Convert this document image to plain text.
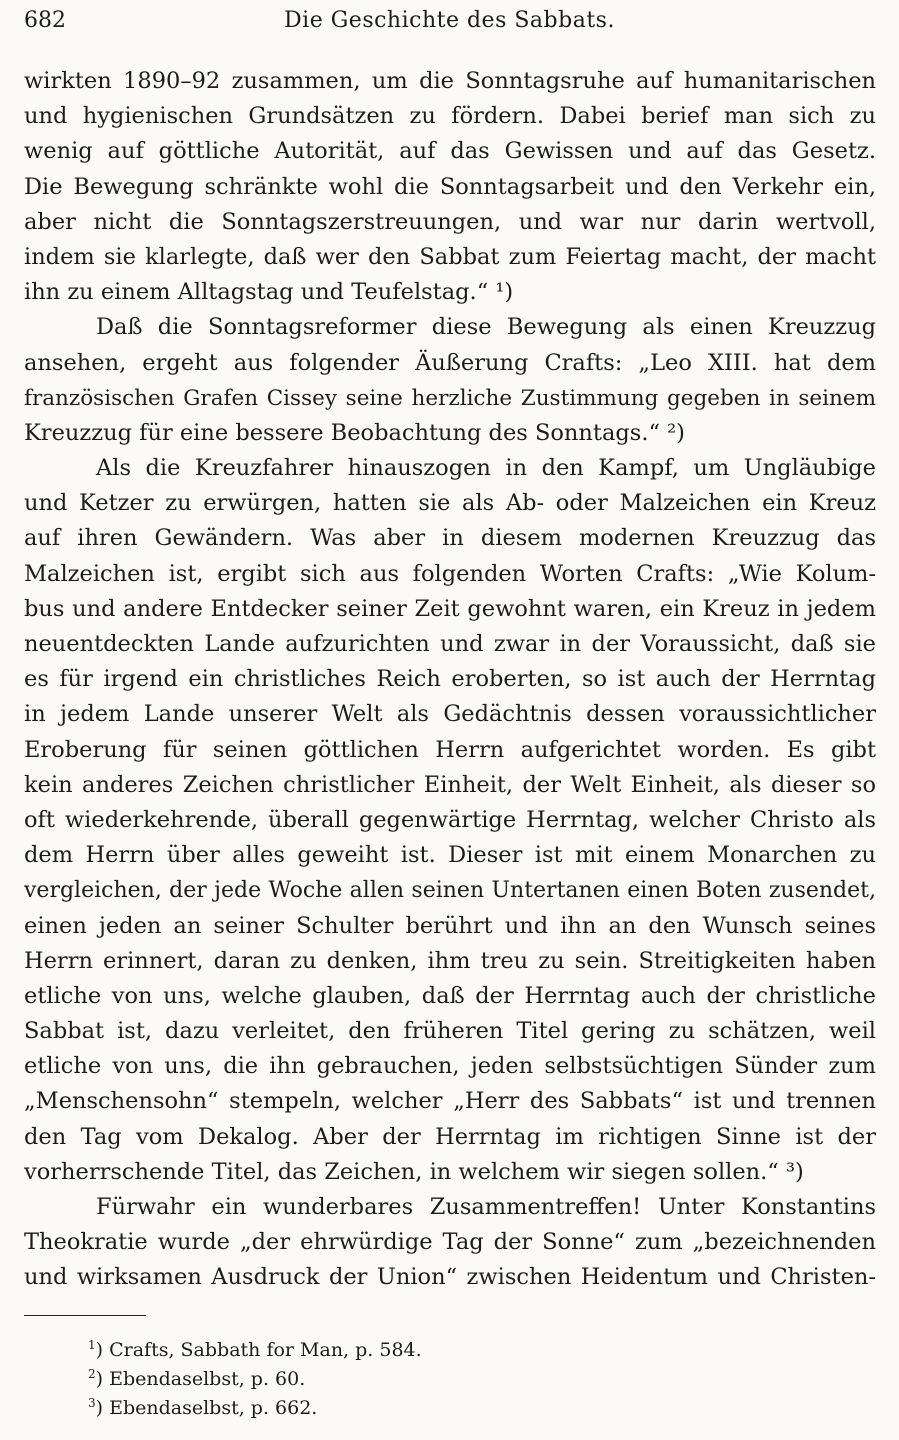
682	Die Geschichte des Sabbats.
wirkten 1890–92 zusammen, um die Sonntagsruhe auf humanitarischen
und hygienischen Grundsätzen zu fördern. Dabei berief man sich zu
wenig auf göttliche Autorität, auf das Gewissen und auf das Gesetz.
Die Bewegung schränkte wohl die Sonntagsarbeit und den Verkehr ein,
aber nicht die Sonntagszerstreuungen, und war nur darin wertvoll,
indem sie klarlegte, daß wer den Sabbat zum Feiertag macht, der macht
ihn zu einem Alltagstag und Teufelstag.“ ¹)
Daß die Sonntagsreformer diese Bewegung als einen Kreuzzug
ansehen, ergeht aus folgender Äußerung Crafts: „Leo XIII. hat dem
französischen Grafen Cissey seine herzliche Zustimmung gegeben in seinem
Kreuzzug für eine bessere Beobachtung des Sonntags.“ ²)
Als die Kreuzfahrer hinauszogen in den Kampf, um Ungläubige
und Ketzer zu erwürgen, hatten sie als Ab- oder Malzeichen ein Kreuz
auf ihren Gewändern. Was aber in diesem modernen Kreuzzug das
Malzeichen ist, ergibt sich aus folgenden Worten Crafts: „Wie Kolum-
bus und andere Entdecker seiner Zeit gewohnt waren, ein Kreuz in jedem
neuentdeckten Lande aufzurichten und zwar in der Voraussicht, daß sie
es für irgend ein christliches Reich eroberten, so ist auch der Herrntag
in jedem Lande unserer Welt als Gedächtnis dessen voraussichtlicher
Eroberung für seinen göttlichen Herrn aufgerichtet worden. Es gibt
kein anderes Zeichen christlicher Einheit, der Welt Einheit, als dieser so
oft wiederkehrende, überall gegenwärtige Herrntag, welcher Christo als
dem Herrn über alles geweiht ist. Dieser ist mit einem Monarchen zu
vergleichen, der jede Woche allen seinen Untertanen einen Boten zusendet,
einen jeden an seiner Schulter berührt und ihn an den Wunsch seines
Herrn erinnert, daran zu denken, ihm treu zu sein. Streitigkeiten haben
etliche von uns, welche glauben, daß der Herrntag auch der christliche
Sabbat ist, dazu verleitet, den früheren Titel gering zu schätzen, weil
etliche von uns, die ihn gebrauchen, jeden selbstsüchtigen Sünder zum
„Menschensohn“ stempeln, welcher „Herr des Sabbats“ ist und trennen
den Tag vom Dekalog. Aber der Herrntag im richtigen Sinne ist der
vorherrschende Titel, das Zeichen, in welchem wir siegen sollen.“ ³)
Fürwahr ein wunderbares Zusammentreffen! Unter Konstantins
Theokratie wurde „der ehrwürdige Tag der Sonne“ zum „bezeichnenden
und wirksamen Ausdruck der Union“ zwischen Heidentum und Christen-
$^1$) Crafts, Sabbath for Man, p. 584.
$^2$) Ebendaselbst, p. 60.
$^3$) Ebendaselbst, p. 662.
